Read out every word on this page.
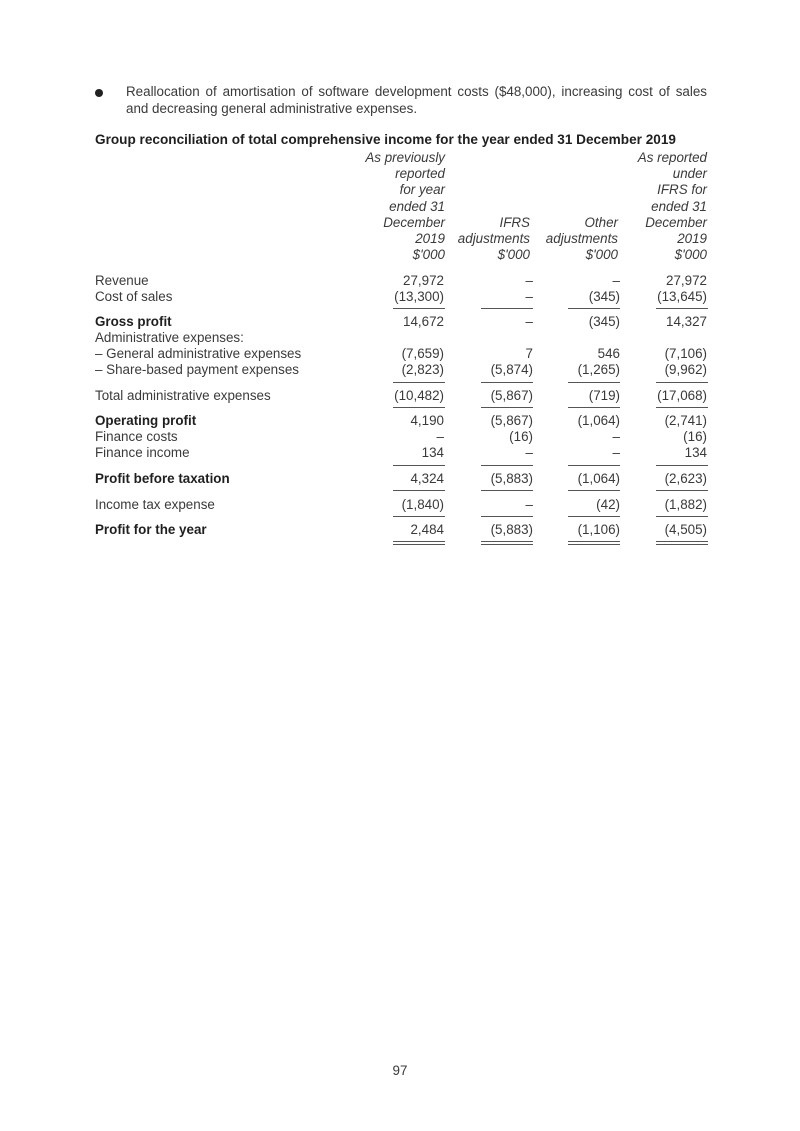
Reallocation of amortisation of software development costs ($48,000), increasing cost of sales and decreasing general administrative expenses.
Group reconciliation of total comprehensive income for the year ended 31 December 2019
As previously
reported
for year
ended 31
December
2019
$'000
IFRS
adjustments
$'000
Other
adjustments
$'000
As reported
under
IFRS for
ended 31
December
2019
$'000
Revenue	27,972	–	–	27,972
Cost of sales	(13,300)	–	(345)	(13,645)
Gross profit	14,672	–	(345)	14,327
Administrative expenses:
– General administrative expenses	(7,659)	7	546	(7,106)
– Share-based payment expenses	(2,823)	(5,874)	(1,265)	(9,962)
Total administrative expenses	(10,482)	(5,867)	(719)	(17,068)
Operating profit	4,190	(5,867)	(1,064)	(2,741)
Finance costs	–	(16)	–	(16)
Finance income	134	–	–	134
Profit before taxation	4,324	(5,883)	(1,064)	(2,623)
Income tax expense	(1,840)	–	(42)	(1,882)
Profit for the year	2,484	(5,883)	(1,106)	(4,505)
97
